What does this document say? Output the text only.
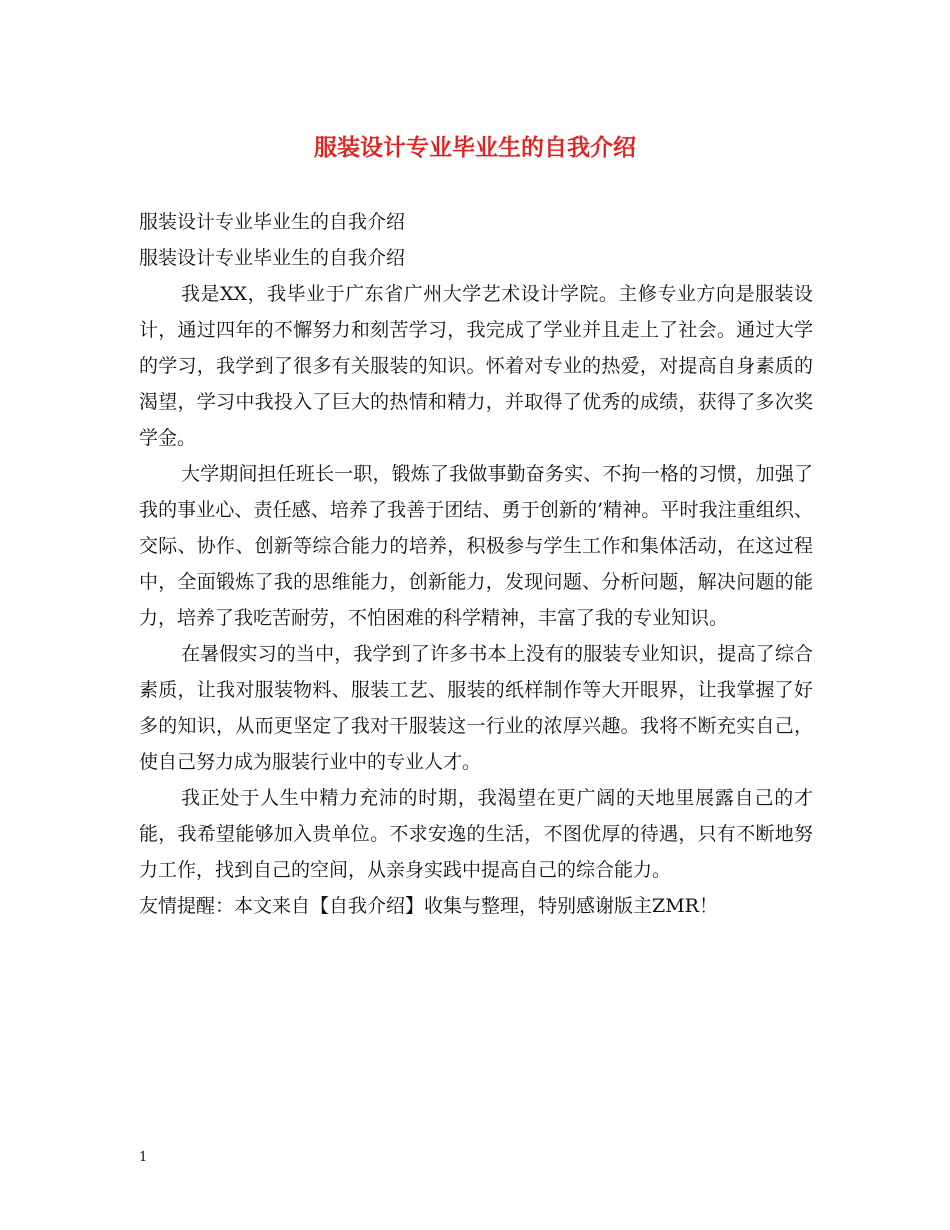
服装设计专业毕业生的自我介绍
服装设计专业毕业生的自我介绍
服装设计专业毕业生的自我介绍
我是XX，我毕业于广东省广州大学艺术设计学院。主修专业方向是服装设计，通过四年的不懈努力和刻苦学习，我完成了学业并且走上了社会。通过大学的学习，我学到了很多有关服装的知识。怀着对专业的热爱，对提高自身素质的渴望，学习中我投入了巨大的热情和精力，并取得了优秀的成绩，获得了多次奖学金。
大学期间担任班长一职，锻炼了我做事勤奋务实、不拘一格的习惯，加强了我的事业心、责任感、培养了我善于团结、勇于创新的’精神。平时我注重组织、交际、协作、创新等综合能力的培养，积极参与学生工作和集体活动，在这过程中，全面锻炼了我的思维能力，创新能力，发现问题、分析问题，解决问题的能力，培养了我吃苦耐劳，不怕困难的科学精神，丰富了我的专业知识。
在暑假实习的当中，我学到了许多书本上没有的服装专业知识，提高了综合素质，让我对服装物料、服装工艺、服装的纸样制作等大开眼界，让我掌握了好多的知识，从而更坚定了我对干服装这一行业的浓厚兴趣。我将不断充实自己，使自己努力成为服装行业中的专业人才。
我正处于人生中精力充沛的时期，我渴望在更广阔的天地里展露自己的才能，我希望能够加入贵单位。不求安逸的生活，不图优厚的待遇，只有不断地努力工作，找到自己的空间，从亲身实践中提高自己的综合能力。
友情提醒：本文来自【自我介绍】收集与整理，特别感谢版主ZMR！
1
